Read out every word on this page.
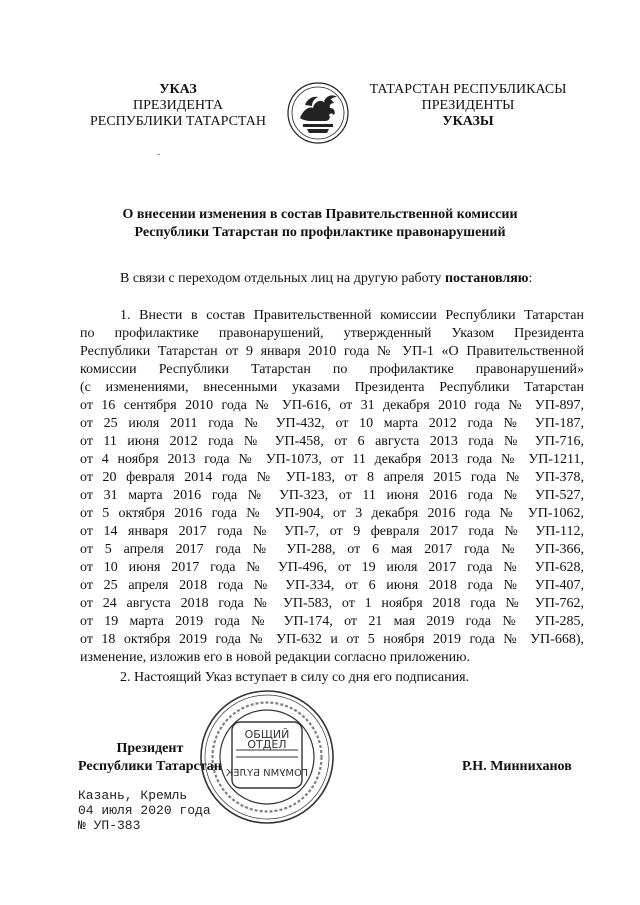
УКАЗ
ПРЕЗИДЕНТА
РЕСПУБЛИКИ ТАТАРСТАН
ТАТАРСТАН РЕСПУБЛИКАСЫ
ПРЕЗИДЕНТЫ
УКАЗЫ
О внесении изменения в состав Правительственной комиссии
Республики Татарстан по профилактике правонарушений
В связи с переходом отдельных лиц на другую работу постановляю:
1. Внести в состав Правительственной комиссии Республики Татарстан
по профилактике правонарушений, утвержденный Указом Президента
Республики Татарстан от 9 января 2010 года № УП-1 «О Правительственной
комиссии Республики Татарстан по профилактике правонарушений»
(с изменениями, внесенными указами Президента Республики Татарстан
от 16 сентября 2010 года № УП-616, от 31 декабря 2010 года № УП-897,
от 25 июля 2011 года № УП-432, от 10 марта 2012 года № УП-187,
от 11 июня 2012 года № УП-458, от 6 августа 2013 года № УП-716,
от 4 ноября 2013 года № УП-1073, от 11 декабря 2013 года № УП-1211,
от 20 февраля 2014 года № УП-183, от 8 апреля 2015 года № УП-378,
от 31 марта 2016 года № УП-323, от 11 июня 2016 года № УП-527,
от 5 октября 2016 года № УП-904, от 3 декабря 2016 года № УП-1062,
от 14 января 2017 года № УП-7, от 9 февраля 2017 года № УП-112,
от 5 апреля 2017 года № УП-288, от 6 мая 2017 года № УП-366,
от 10 июня 2017 года № УП-496, от 19 июля 2017 года № УП-628,
от 25 апреля 2018 года № УП-334, от 6 июня 2018 года № УП-407,
от 24 августа 2018 года № УП-583, от 1 ноября 2018 года № УП-762,
от 19 марта 2019 года № УП-174, от 21 мая 2019 года № УП-285,
от 18 октября 2019 года № УП-632 и от 5 ноября 2019 года № УП-668),
изменение, изложив его в новой редакции согласно приложению.
2. Настоящий Указ вступает в силу со дня его подписания.
Президент
Республики Татарстан	Р.Н. Минниханов
ОБЩИЙ
ОТДЕЛ
ГОМУМИ БҮЛЕК
Казань, Кремль
04 июля 2020 года
№ УП-383
